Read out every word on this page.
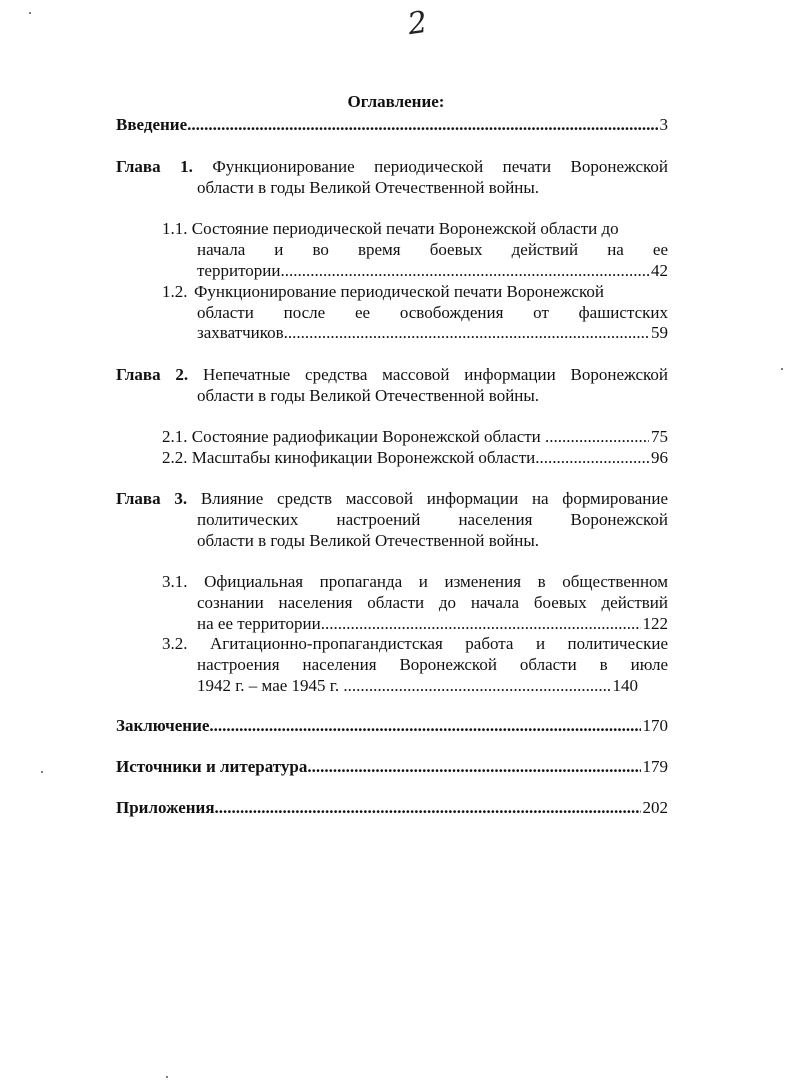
2
Оглавление:
Введение .....	3
Глава 1. Функционирование периодической печати Воронежской
области в годы Великой Отечественной войны.
1.1. Состояние периодической печати Воронежской области до
начала и во время боевых действий на ее
территории .....	42
1.2. Функционирование периодической печати Воронежской
области после ее освобождения от фашистских
захватчиков .....	59
Глава 2. Непечатные средства массовой информации Воронежской
области в годы Великой Отечественной войны.
2.1. Состояние радиофикации Воронежской области .....	75
2.2. Масштабы кинофикации Воронежской области .....	96
Глава 3. Влияние средств массовой информации на формирование
политических настроений населения Воронежской
области в годы Великой Отечественной войны.
3.1. Официальная пропаганда и изменения в общественном
сознании населения области до начала боевых действий
на ее территории .....	122
3.2. Агитационно-пропагандистская работа и политические
настроения населения Воронежской области в июле
1942 г. – мае 1945 г. .....	140
Заключение .....	170
Источники и литература .....	179
Приложения .....	202
